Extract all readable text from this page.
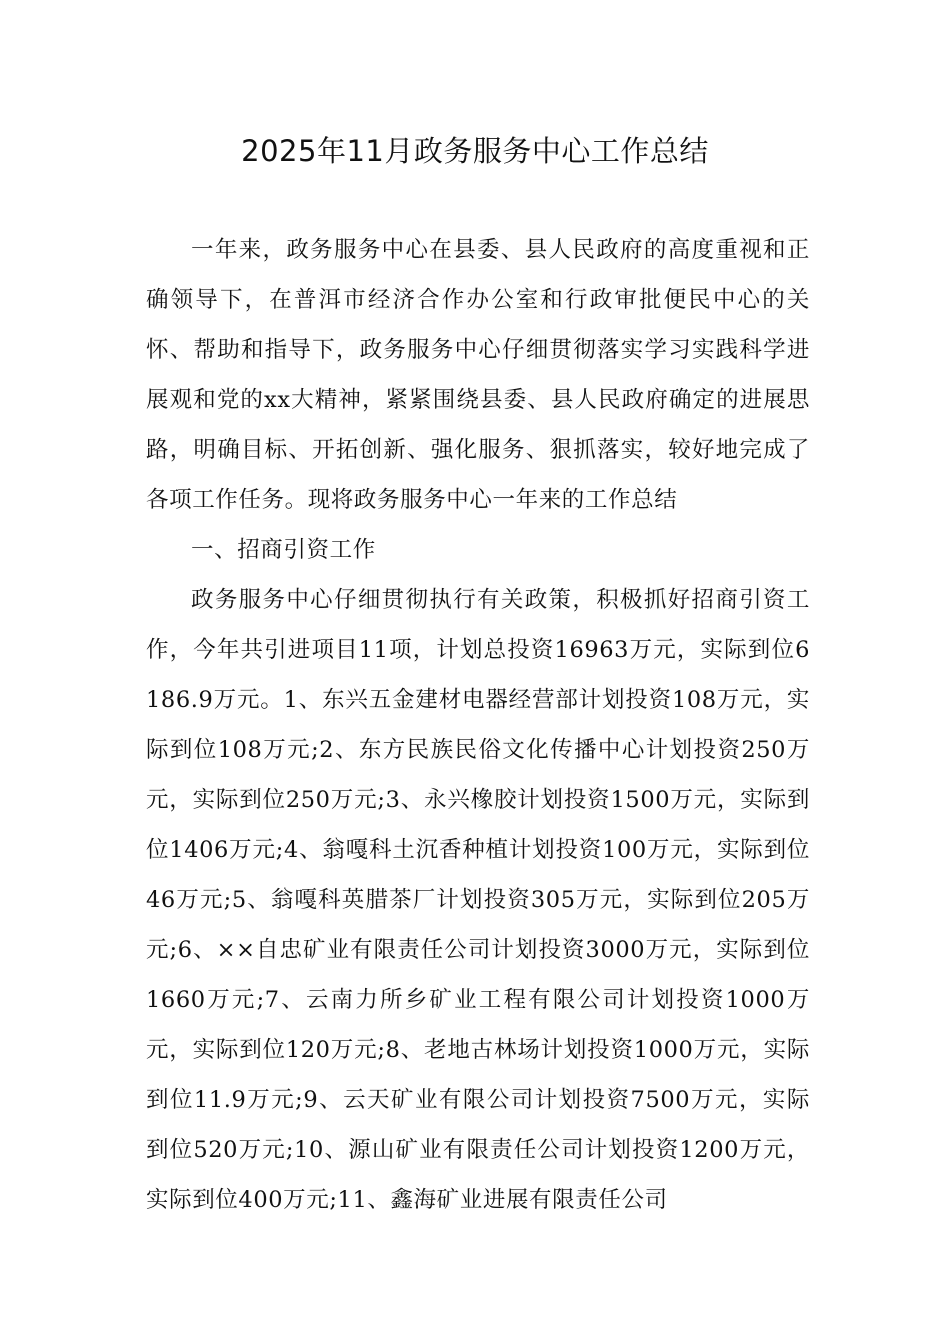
2025年11月政务服务中心工作总结

一年来，政务服务中心在县委、县人民政府的高度重视和正确领导下，在普洱市经济合作办公室和行政审批便民中心的关怀、帮助和指导下，政务服务中心仔细贯彻落实学习实践科学进展观和党的xx大精神，紧紧围绕县委、县人民政府确定的进展思路，明确目标、开拓创新、强化服务、狠抓落实，较好地完成了各项工作任务。现将政务服务中心一年来的工作总结

一、招商引资工作

政务服务中心仔细贯彻执行有关政策，积极抓好招商引资工作，今年共引进项目11项，计划总投资16963万元，实际到位6186.9万元。1、东兴五金建材电器经营部计划投资108万元，实际到位108万元;2、东方民族民俗文化传播中心计划投资250万元，实际到位250万元;3、永兴橡胶计划投资1500万元，实际到位1406万元;4、翁嘎科土沉香种植计划投资100万元，实际到位46万元;5、翁嘎科英腊茶厂计划投资305万元，实际到位205万元;6、××自忠矿业有限责任公司计划投资3000万元，实际到位1660万元;7、云南力所乡矿业工程有限公司计划投资1000万元，实际到位120万元;8、老地古林场计划投资1000万元，实际到位11.9万元;9、云天矿业有限公司计划投资7500万元，实际到位520万元;10、源山矿业有限责任公司计划投资1200万元，实际到位400万元;11、鑫海矿业进展有限责任公司
